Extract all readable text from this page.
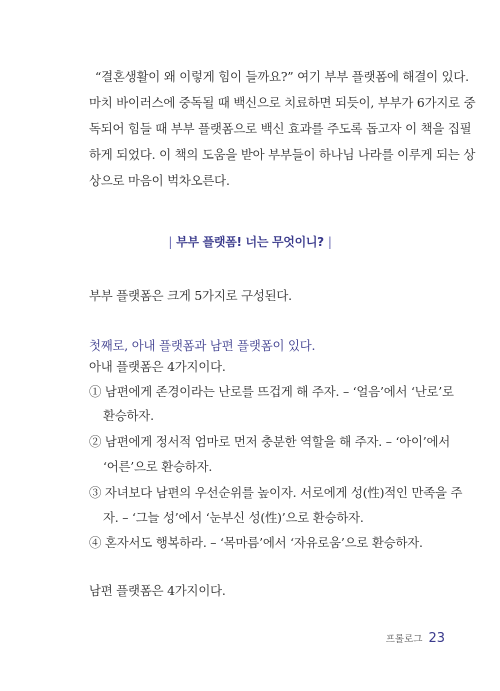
“결혼생활이 왜 이렇게 힘이 들까요?” 여기 부부 플랫폼에 해결이 있다.
마치 바이러스에 중독될 때 백신으로 치료하면 되듯이, 부부가 6가지로 중
독되어 힘들 때 부부 플랫폼으로 백신 효과를 주도록 돕고자 이 책을 집필
하게 되었다. 이 책의 도움을 받아 부부들이 하나님 나라를 이루게 되는 상
상으로 마음이 벅차오른다.

| 부부 플랫폼! 너는 무엇이니? |
부부 플랫폼은 크게 5가지로 구성된다.
첫째로, 아내 플랫폼과 남편 플랫폼이 있다.
아내 플랫폼은 4가지이다.
① 남편에게 존경이라는 난로를 뜨겁게 해 주자. – ‘얼음’에서 ‘난로’로
환승하자.
② 남편에게 정서적 엄마로 먼저 충분한 역할을 해 주자. – ‘아이’에서
‘어른’으로 환승하자.
③ 자녀보다 남편의 우선순위를 높이자. 서로에게 성(性)적인 만족을 주
자. – ‘그늘 성’에서 ‘눈부신 성(性)’으로 환승하자.
④ 혼자서도 행복하라. – ‘목마름’에서 ‘자유로움’으로 환승하자.
남편 플랫폼은 4가지이다.
프롤로그 23
